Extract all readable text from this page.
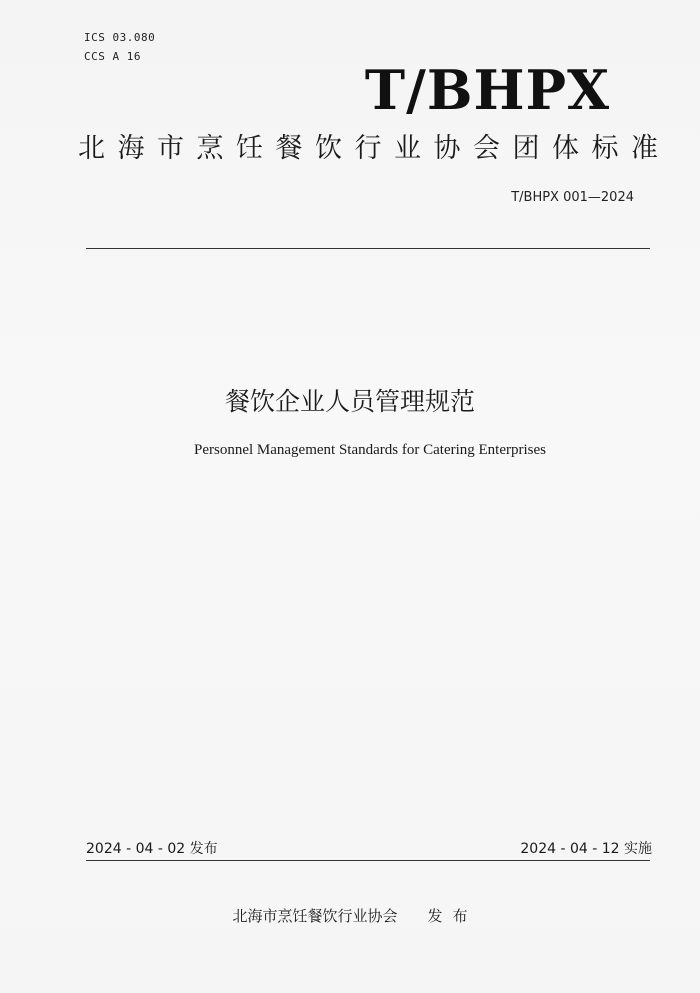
ICS 03.080
CCS A 16
T/BHPX
北海市烹饪餐饮行业协会团体标准
T/BHPX 001—2024
餐饮企业人员管理规范
Personnel Management Standards for Catering Enterprises
2024 - 04 - 02 发布	2024 - 04 - 12 实施
北海市烹饪餐饮行业协会 发布
